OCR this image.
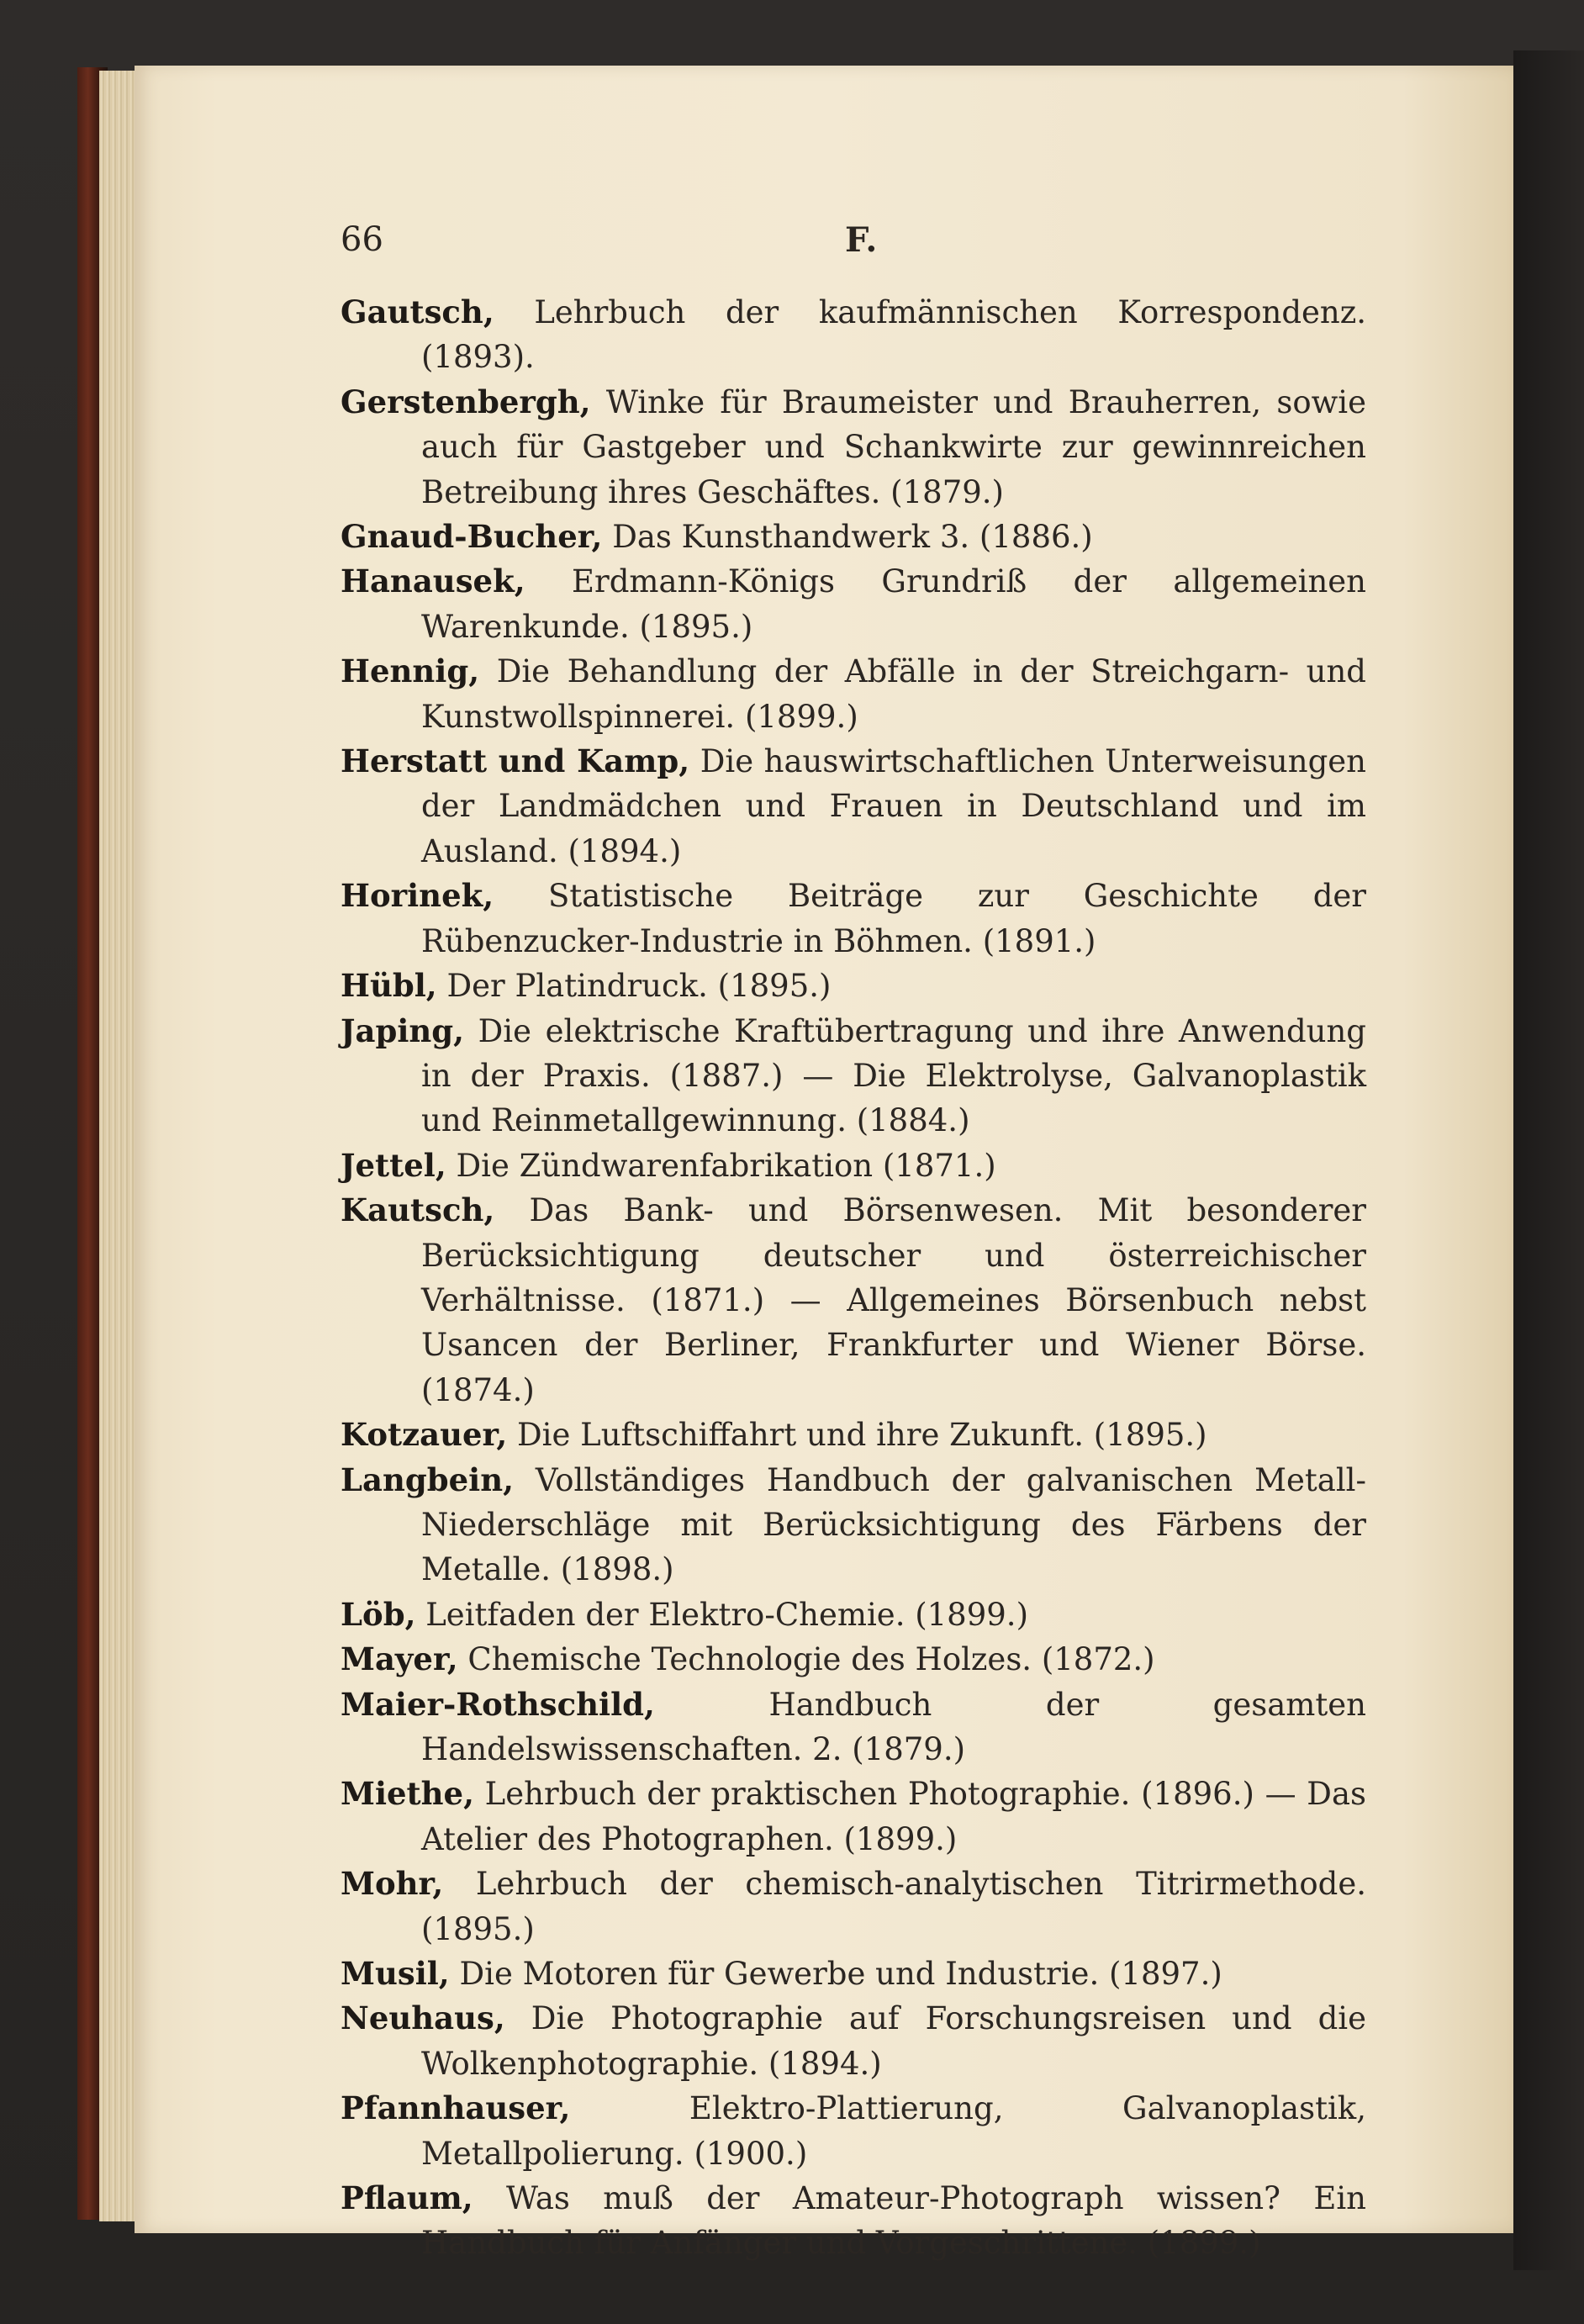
66	F.

Gautsch, Lehrbuch der kaufmännischen Korrespondenz. (1893).

Gerstenbergh, Winke für Braumeister und Brauherren, sowie auch für Gastgeber und Schankwirte zur gewinnreichen Betreibung ihres Geschäftes. (1879.)

Gnaud-Bucher, Das Kunsthandwerk 3. (1886.)

Hanausek, Erdmann-Königs Grundriß der allgemeinen Warenkunde. (1895.)

Hennig, Die Behandlung der Abfälle in der Streichgarn- und Kunstwollspinnerei. (1899.)

Herstatt und Kamp, Die hauswirtschaftlichen Unterweisungen der Landmädchen und Frauen in Deutschland und im Ausland. (1894.)

Horinek, Statistische Beiträge zur Geschichte der Rübenzucker-Industrie in Böhmen. (1891.)

Hübl, Der Platindruck. (1895.)

Japing, Die elektrische Kraftübertragung und ihre Anwendung in der Praxis. (1887.) — Die Elektrolyse, Galvanoplastik und Reinmetallgewinnung. (1884.)

Jettel, Die Zündwarenfabrikation (1871.)

Kautsch, Das Bank- und Börsenwesen. Mit besonderer Berücksichtigung deutscher und österreichischer Verhältnisse. (1871.) — Allgemeines Börsenbuch nebst Usancen der Berliner, Frankfurter und Wiener Börse. (1874.)

Kotzauer, Die Luftschiffahrt und ihre Zukunft. (1895.)

Langbein, Vollständiges Handbuch der galvanischen Metall-Niederschläge mit Berücksichtigung des Färbens der Metalle. (1898.)

Löb, Leitfaden der Elektro-Chemie. (1899.)

Mayer, Chemische Technologie des Holzes. (1872.)

Maier-Rothschild,	Handbuch der gesamten Handelswissenschaften. 2. (1879.)

Miethe, Lehrbuch der praktischen Photographie. (1896.) — Das Atelier des Photographen. (1899.)

Mohr, Lehrbuch der chemisch-analytischen Titrirmethode. (1895.)

Musil, Die Motoren für Gewerbe und Industrie. (1897.)

Neuhaus, Die Photographie auf Forschungsreisen und die Wolkenphotographie. (1894.)

Pfannhauser,	Elektro-Plattierung, Galvanoplastik, Metallpolierung. (1900.)

Pflaum, Was muß der Amateur-Photograph wissen? Ein Handbuch für Anfänger und Vorgeschrittene. (1899.)
